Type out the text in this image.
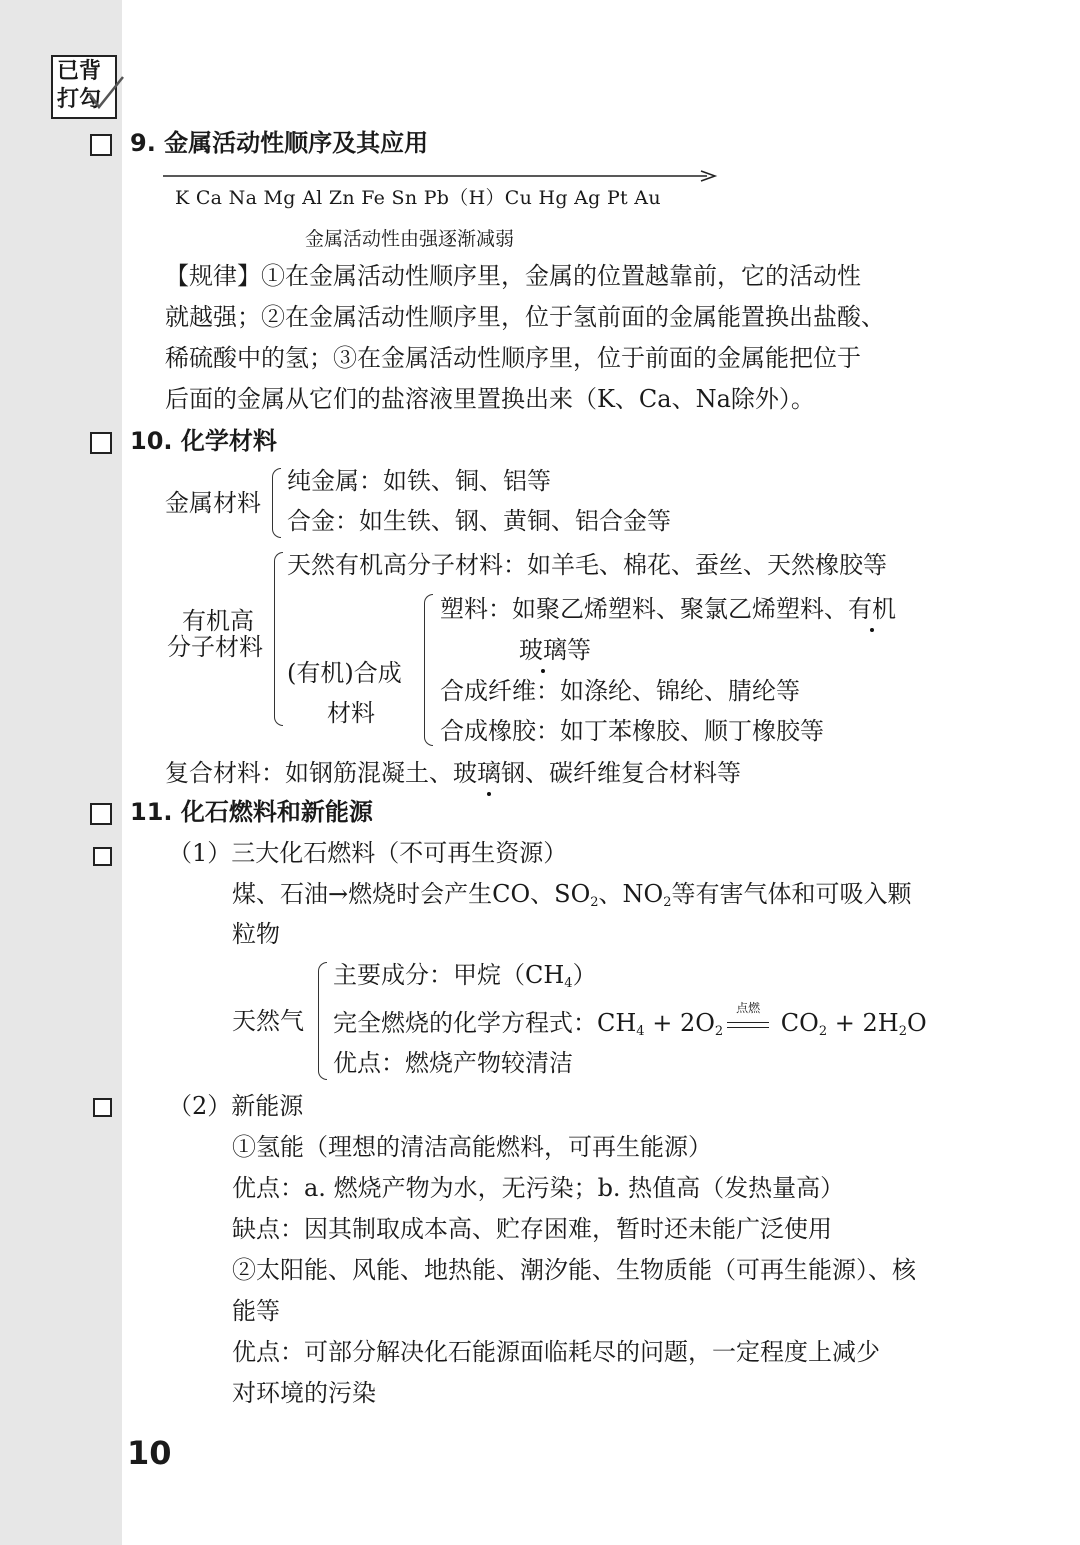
已背
打勾
9. 金属活动性顺序及其应用
K Ca Na Mg Al Zn Fe Sn Pb（H）Cu Hg Ag Pt Au
金属活动性由强逐渐减弱
【规律】①在金属活动性顺序里，金属的位置越靠前，它的活动性
就越强；②在金属活动性顺序里，位于氢前面的金属能置换出盐酸、
稀硫酸中的氢；③在金属活动性顺序里，位于前面的金属能把位于
后面的金属从它们的盐溶液里置换出来（K、Ca、Na除外）。
10. 化学材料
金属材料
纯金属：如铁、铜、铝等
合金：如生铁、钢、黄铜、铝合金等
有机高
分子材料
天然有机高分子材料：如羊毛、棉花、蚕丝、天然橡胶等
(有机)合成
材料
塑料：如聚乙烯塑料、聚氯乙烯塑料、有机
玻璃等
合成纤维：如涤纶、锦纶、腈纶等
合成橡胶：如丁苯橡胶、顺丁橡胶等
复合材料：如钢筋混凝土、玻璃钢、碳纤维复合材料等
11. 化石燃料和新能源
（1）三大化石燃料（不可再生资源）
煤、石油→燃烧时会产生CO、$SO_2$、$NO_2$等有害气体和可吸入颗
粒物
天然气
主要成分：甲烷$(CH_4)$
完全燃烧的化学方程式：$CH_4 + 2O_2$
点燃
$CO_2 + 2H_2O$
优点：燃烧产物较清洁
（2）新能源
①氢能（理想的清洁高能燃料，可再生能源）
优点：a. 燃烧产物为水，无污染；b. 热值高（发热量高）
缺点：因其制取成本高、贮存困难，暂时还未能广泛使用
②太阳能、风能、地热能、潮汐能、生物质能（可再生能源）、核
能等
优点：可部分解决化石能源面临耗尽的问题，一定程度上减少
对环境的污染
10
